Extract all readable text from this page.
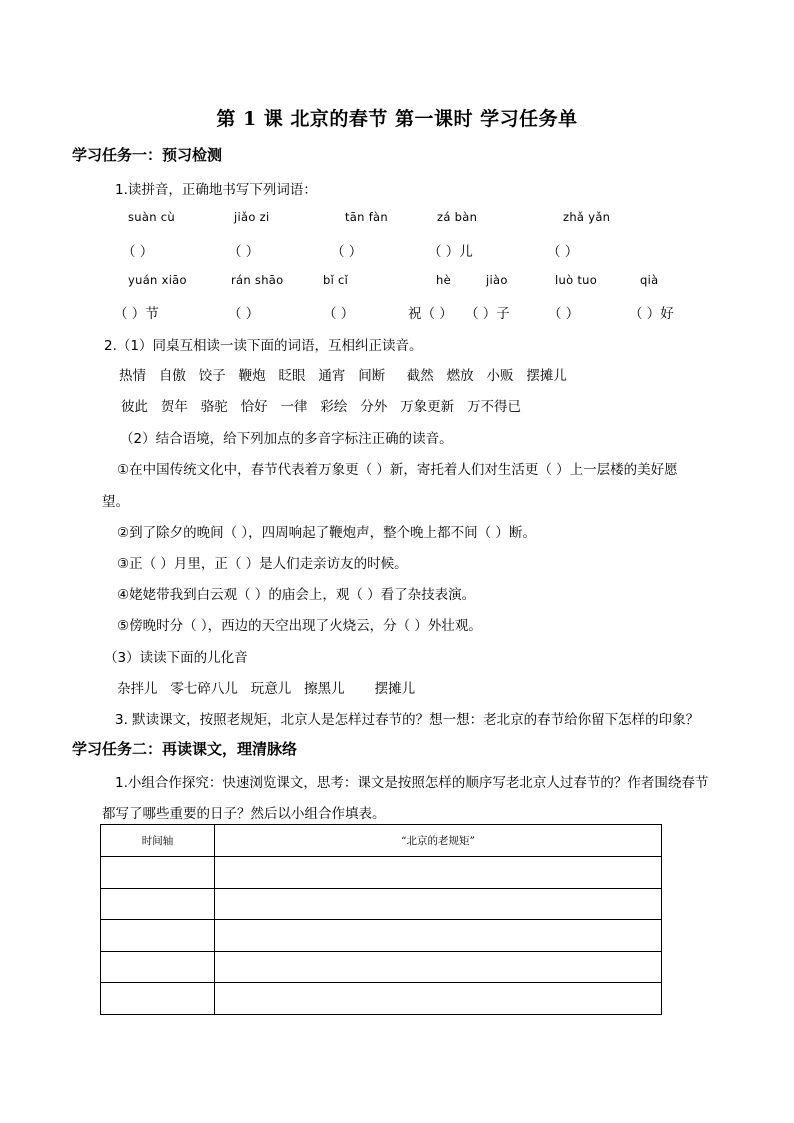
第 1 课 北京的春节 第一课时 学习任务单
学习任务一：预习检测
1.读拼音，正确地书写下列词语：
suàn cù	jiǎo zi	tān fàn	zá bàn	zhǎ yǎn
（ ）	（ ）	（ ）	（ ）儿	（ ）
yuán xiāo	rán shāo	bǐ cǐ	hè	jiào	luò tuo	qià
（ ）节	（ ）	（ ）	祝（ ） （ ）子	（ ）	（ ）好
2.（1）同桌互相读一读下面的词语，互相纠正读音。
热情 自傲 饺子 鞭炮 眨眼 通宵 间断 截然 燃放 小贩 摆摊儿
彼此 贺年 骆驼 恰好 一律 彩绘 分外 万象更新 万不得已
（2）结合语境，给下列加点的多音字标注正确的读音。
①在中国传统文化中，春节代表着万象更（ ）新，寄托着人们对生活更（ ）上一层楼的美好愿
望。
②到了除夕的晚间（ ），四周响起了鞭炮声，整个晚上都不间（ ）断。
③正（ ）月里，正（ ）是人们走亲访友的时候。
④姥姥带我到白云观（ ）的庙会上，观（ ）看了杂技表演。
⑤傍晚时分（ ），西边的天空出现了火烧云，分（ ）外壮观。
（3）读读下面的儿化音
杂拌儿 零七碎八儿 玩意儿 擦黑儿 摆摊儿
3. 默读课文，按照老规矩，北京人是怎样过春节的？想一想：老北京的春节给你留下怎样的印象？
学习任务二：再读课文，理清脉络
1.小组合作探究：快速浏览课文，思考：课文是按照怎样的顺序写老北京人过春节的？作者围绕春节
都写了哪些重要的日子？然后以小组合作填表。
时间轴	“北京的老规矩”
